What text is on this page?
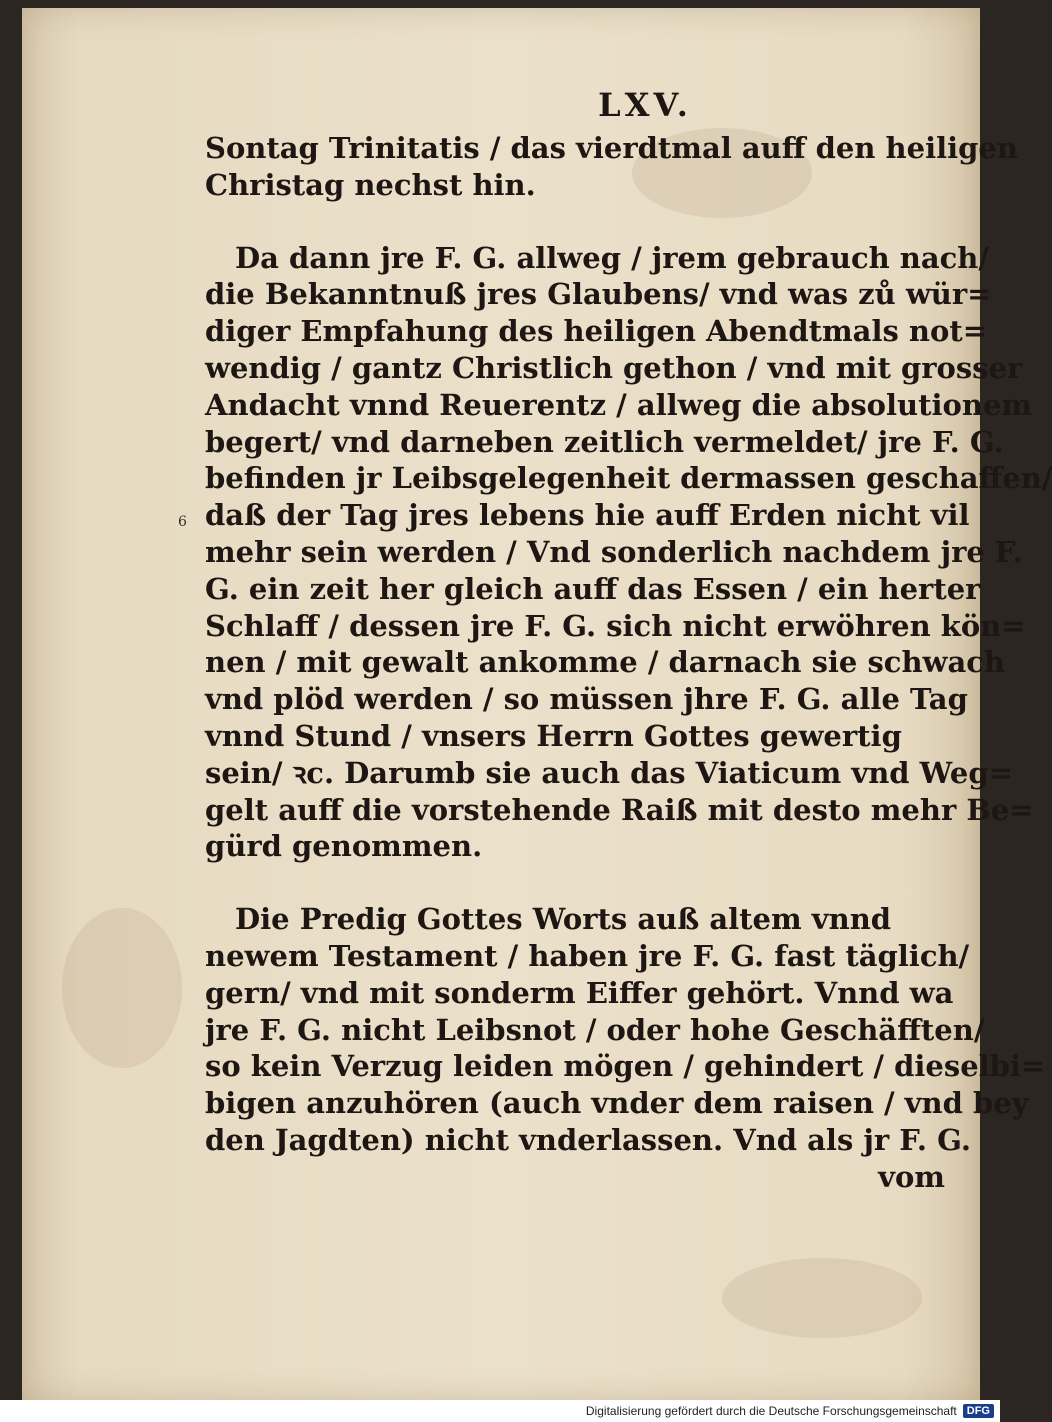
6
LXV.
Sontag Trinitatis / das vierdtmal auff den heiligen
Christag nechst hin.
Da dann jre F. G. allweg / jrem gebrauch nach/
die Bekanntnuß jres Glaubens/ vnd was zů wür=
diger Empfahung des heiligen Abendtmals not=
wendig / gantz Christlich gethon / vnd mit grosser
Andacht vnnd Reuerentz / allweg die absolutionem
begert/ vnd darneben zeitlich vermeldet/ jre F. G.
befinden jr Leibsgelegenheit dermassen geschaffen/
daß der Tag jres lebens hie auff Erden nicht vil
mehr sein werden / Vnd sonderlich nachdem jre F.
G. ein zeit her gleich auff das Essen / ein herter
Schlaff / dessen jre F. G. sich nicht erwöhren kön=
nen / mit gewalt ankomme / darnach sie schwach
vnd plöd werden / so müssen jhre F. G. alle Tag
vnnd Stund / vnsers Herrn Gottes gewertig
sein/ ꝛc. Darumb sie auch das Viaticum vnd Weg=
gelt auff die vorstehende Raiß mit desto mehr Be=
gürd genommen.
Die Predig Gottes Worts auß altem vnnd
newem Testament / haben jre F. G. fast täglich/
gern/ vnd mit sonderm Eiffer gehört. Vnnd wa
jre F. G. nicht Leibsnot / oder hohe Geschäfften/
so kein Verzug leiden mögen / gehindert / dieselbi=
bigen anzuhören (auch vnder dem raisen / vnd bey
den Jagdten) nicht vnderlassen. Vnd als jr F. G.
vom
Digitalisierung gefördert durch die Deutsche Forschungsgemeinschaft DFG
